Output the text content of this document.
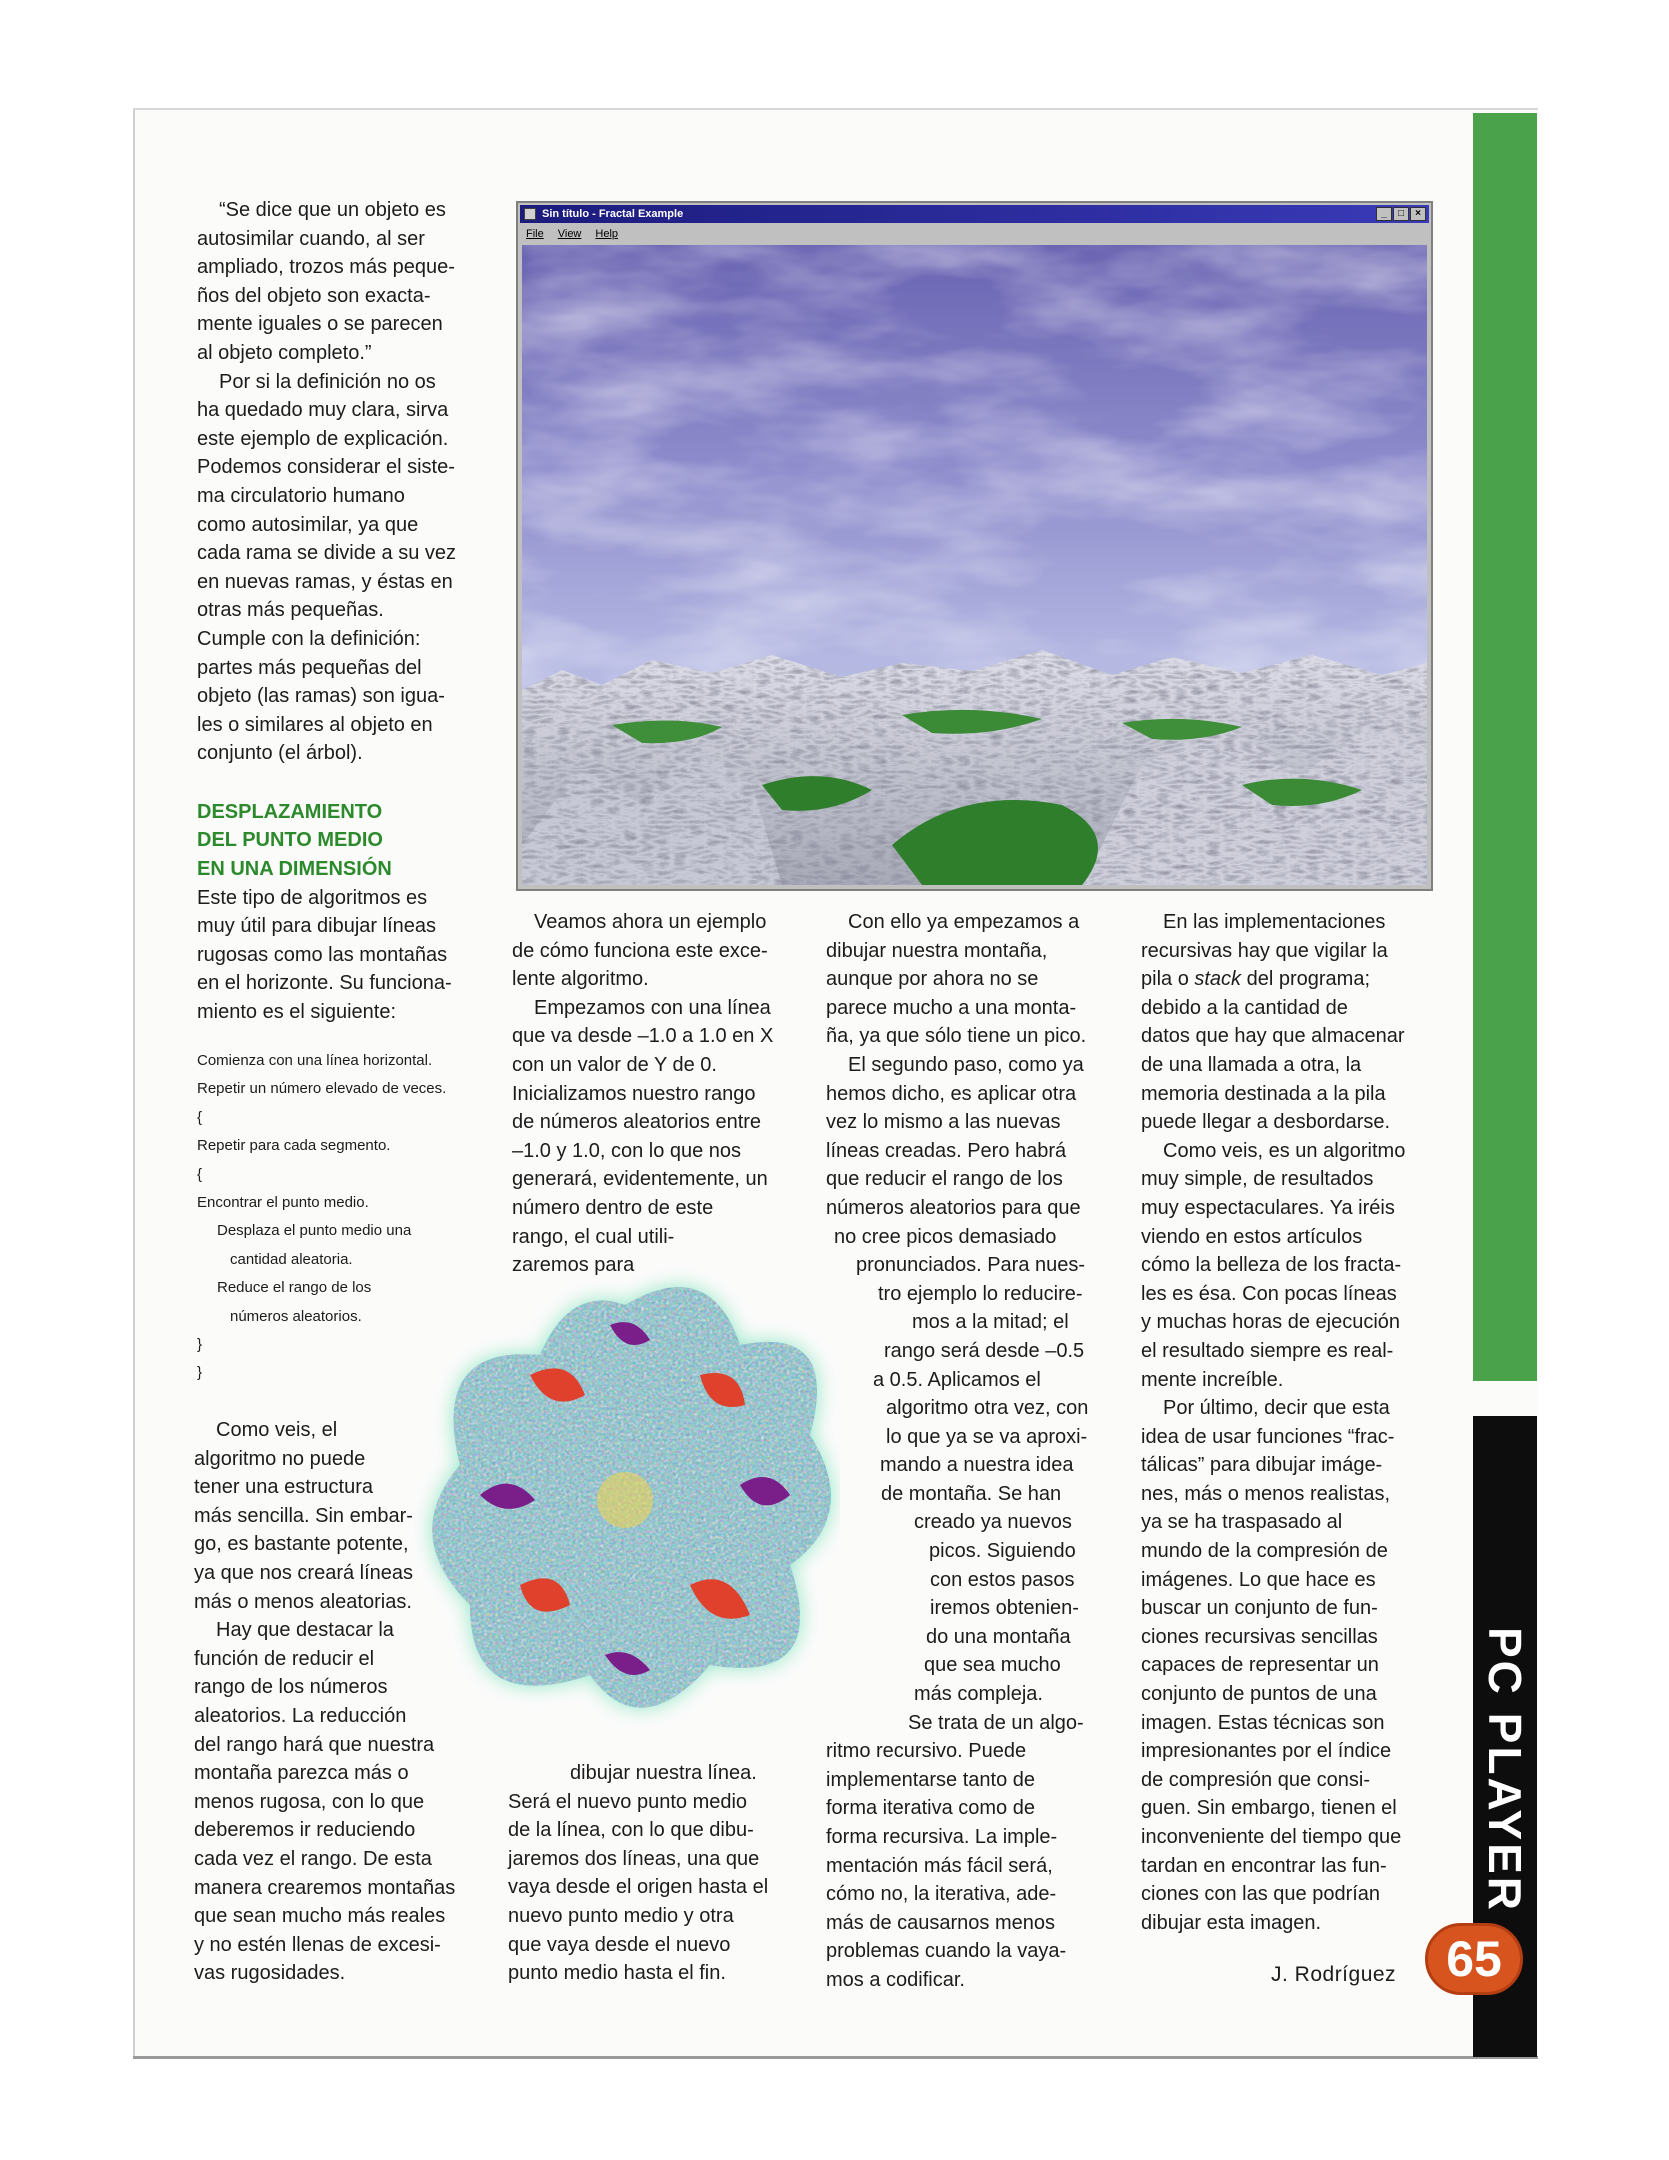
PC PLAYER
65

“Se dice que un objeto es
autosimilar cuando, al ser
ampliado, trozos más peque-
ños del objeto son exacta-
mente iguales o se parecen
al objeto completo.”

Por si la definición no os
ha quedado muy clara, sirva
este ejemplo de explicación.
Podemos considerar el siste-
ma circulatorio humano
como autosimilar, ya que
cada rama se divide a su vez
en nuevas ramas, y éstas en
otras más pequeñas.
Cumple con la definición:
partes más pequeñas del
objeto (las ramas) son igua-
les o similares al objeto en
conjunto (el árbol).

DESPLAZAMIENTO
DEL PUNTO MEDIO
EN UNA DIMENSIÓN

Este tipo de algoritmos es
muy útil para dibujar líneas
rugosas como las montañas
en el horizonte. Su funciona-
miento es el siguiente:

Comienza con una línea horizontal.
Repetir un número elevado de veces.
{
Repetir para cada segmento.
{
Encontrar el punto medio.
Desplaza el punto medio una
cantidad aleatoria.
Reduce el rango de los
números aleatorios.
}
}

Como veis, el
algoritmo no puede
tener una estructura
más sencilla. Sin embar-
go, es bastante potente,
ya que nos creará líneas
más o menos aleatorias.

Hay que destacar la
función de reducir el
rango de los números
aleatorios. La reducción
del rango hará que nuestra
montaña parezca más o
menos rugosa, con lo que
deberemos ir reduciendo
cada vez el rango. De esta
manera crearemos montañas
que sean mucho más reales
y no estén llenas de excesi-
vas rugosidades.

Veamos ahora un ejemplo
de cómo funciona este exce-
lente algoritmo.

Empezamos con una línea
que va desde –1.0 a 1.0 en X
con un valor de Y de 0.
Inicializamos nuestro rango
de números aleatorios entre
–1.0 y 1.0, con lo que nos
generará, evidentemente, un
número dentro de este
rango, el cual utili-
zaremos para

dibujar nuestra línea.
Será el nuevo punto medio
de la línea, con lo que dibu-
jaremos dos líneas, una que
vaya desde el origen hasta el
nuevo punto medio y otra
que vaya desde el nuevo
punto medio hasta el fin.

Con ello ya empezamos a
dibujar nuestra montaña,
aunque por ahora no se
parece mucho a una monta-
ña, ya que sólo tiene un pico.

El segundo paso, como ya
hemos dicho, es aplicar otra
vez lo mismo a las nuevas
líneas creadas. Pero habrá
que reducir el rango de los
números aleatorios para que
no cree picos demasiado
pronunciados. Para nues-
tro ejemplo lo reducire-
mos a la mitad; el
rango será desde –0.5
a 0.5. Aplicamos el
algoritmo otra vez, con
lo que ya se va aproxi-
mando a nuestra idea
de montaña. Se han
creado ya nuevos
picos. Siguiendo
con estos pasos
iremos obtenien-
do una montaña
que sea mucho
más compleja.

Se trata de un algo-
ritmo recursivo. Puede
implementarse tanto de
forma iterativa como de
forma recursiva. La imple-
mentación más fácil será,
cómo no, la iterativa, ade-
más de causarnos menos
problemas cuando la vaya-
mos a codificar.

En las implementaciones
recursivas hay que vigilar la
pila o stack del programa;
debido a la cantidad de
datos que hay que almacenar
de una llamada a otra, la
memoria destinada a la pila
puede llegar a desbordarse.

Como veis, es un algoritmo
muy simple, de resultados
muy espectaculares. Ya iréis
viendo en estos artículos
cómo la belleza de los fracta-
les es ésa. Con pocas líneas
y muchas horas de ejecución
el resultado siempre es real-
mente increíble.

Por último, decir que esta
idea de usar funciones “frac-
tálicas” para dibujar imáge-
nes, más o menos realistas,
ya se ha traspasado al
mundo de la compresión de
imágenes. Lo que hace es
buscar un conjunto de fun-
ciones recursivas sencillas
capaces de representar un
conjunto de puntos de una
imagen. Estas técnicas son
impresionantes por el índice
de compresión que consi-
guen. Sin embargo, tienen el
inconveniente del tiempo que
tardan en encontrar las fun-
ciones con las que podrían
dibujar esta imagen.

J. Rodríguez
Sin título - Fractal Example	_	□	×
File View Help
